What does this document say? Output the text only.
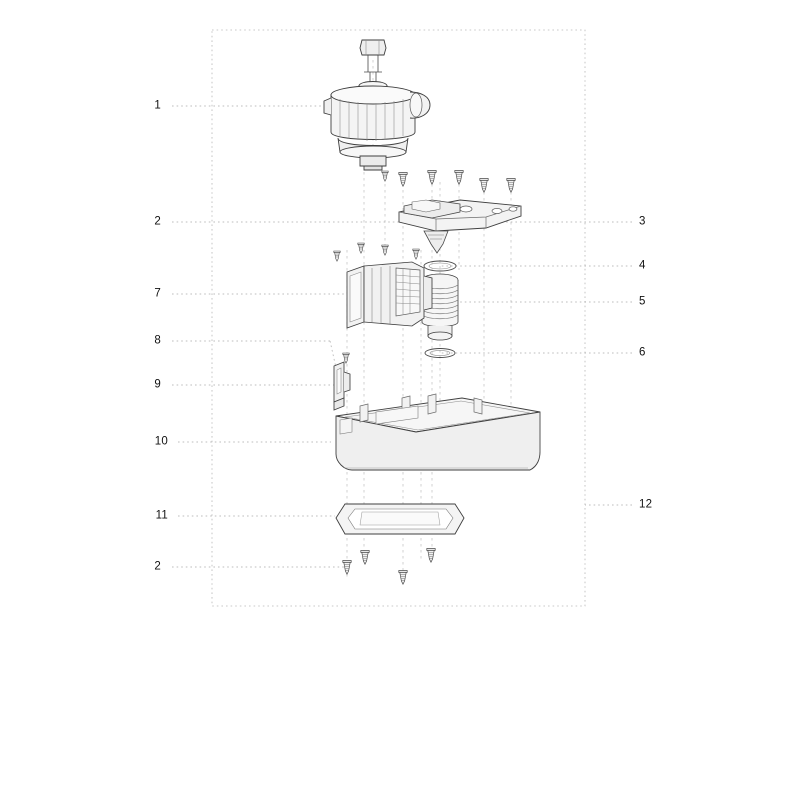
1
2
7
8
9
10
11
2
3
4
5
6
12
